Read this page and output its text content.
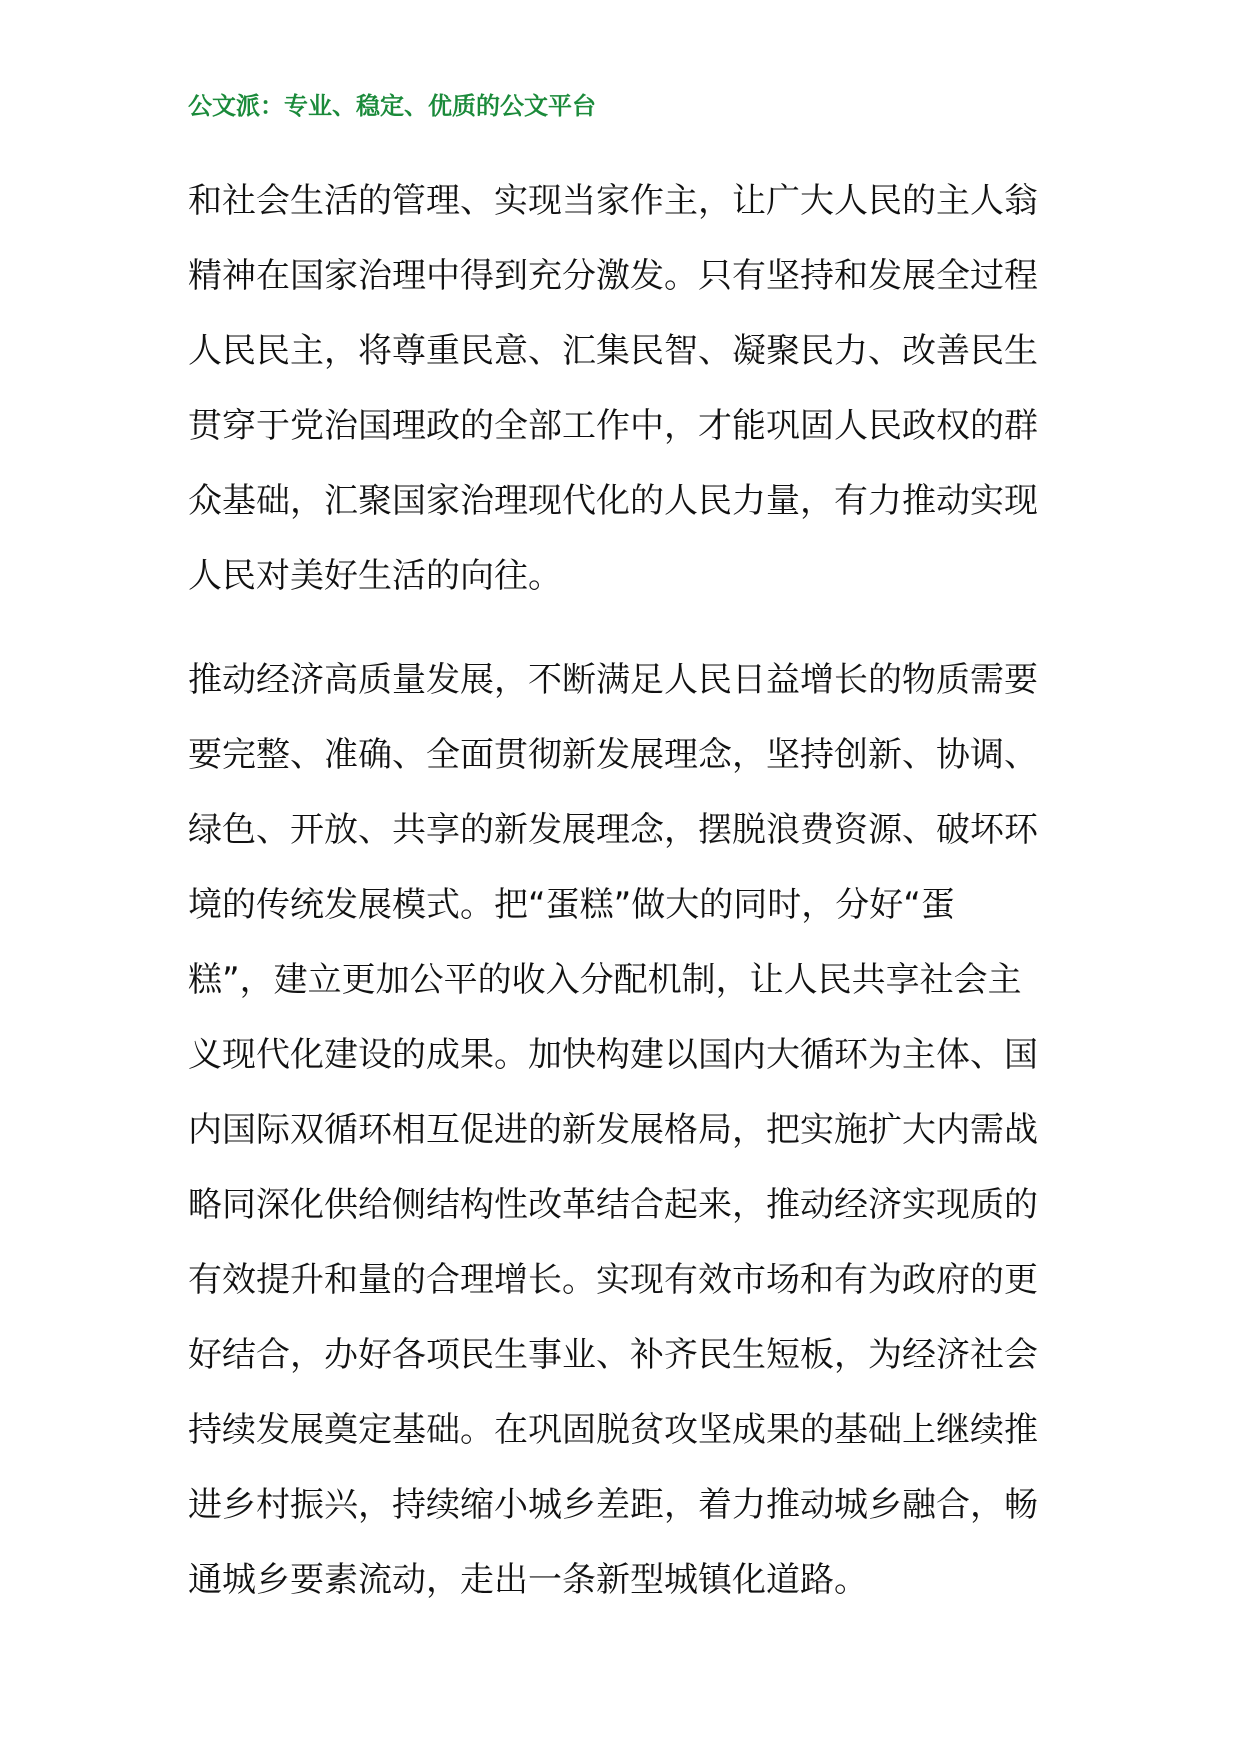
公文派：专业、稳定、优质的公文平台
和社会生活的管理、实现当家作主，让广大人民的主人翁
精神在国家治理中得到充分激发。只有坚持和发展全过程
人民民主，将尊重民意、汇集民智、凝聚民力、改善民生
贯穿于党治国理政的全部工作中，才能巩固人民政权的群
众基础，汇聚国家治理现代化的人民力量，有力推动实现
人民对美好生活的向往。
推动经济高质量发展，不断满足人民日益增长的物质需要
要完整、准确、全面贯彻新发展理念，坚持创新、协调、
绿色、开放、共享的新发展理念，摆脱浪费资源、破坏环
境的传统发展模式。把“蛋糕”做大的同时，分好“蛋
糕”，建立更加公平的收入分配机制，让人民共享社会主
义现代化建设的成果。加快构建以国内大循环为主体、国
内国际双循环相互促进的新发展格局，把实施扩大内需战
略同深化供给侧结构性改革结合起来，推动经济实现质的
有效提升和量的合理增长。实现有效市场和有为政府的更
好结合，办好各项民生事业、补齐民生短板，为经济社会
持续发展奠定基础。在巩固脱贫攻坚成果的基础上继续推
进乡村振兴，持续缩小城乡差距，着力推动城乡融合，畅
通城乡要素流动，走出一条新型城镇化道路。
